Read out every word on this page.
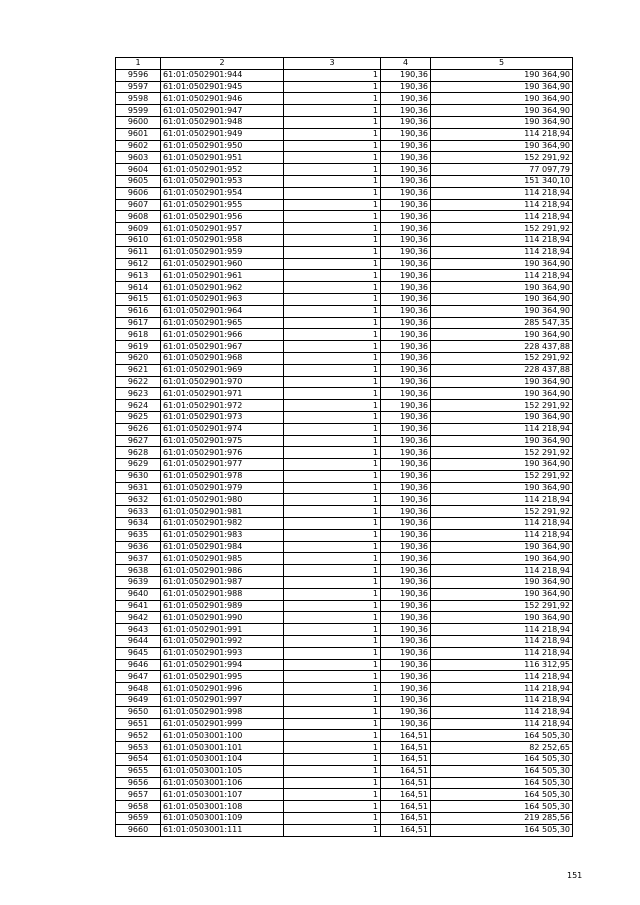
1	2	3	4	5
9596	61:01:0502901:944	1	190,36	190 364,90
9597	61:01:0502901:945	1	190,36	190 364,90
9598	61:01:0502901:946	1	190,36	190 364,90
9599	61:01:0502901:947	1	190,36	190 364,90
9600	61:01:0502901:948	1	190,36	190 364,90
9601	61:01:0502901:949	1	190,36	114 218,94
9602	61:01:0502901:950	1	190,36	190 364,90
9603	61:01:0502901:951	1	190,36	152 291,92
9604	61:01:0502901:952	1	190,36	77 097,79
9605	61:01:0502901:953	1	190,36	151 340,10
9606	61:01:0502901:954	1	190,36	114 218,94
9607	61:01:0502901:955	1	190,36	114 218,94
9608	61:01:0502901:956	1	190,36	114 218,94
9609	61:01:0502901:957	1	190,36	152 291,92
9610	61:01:0502901:958	1	190,36	114 218,94
9611	61:01:0502901:959	1	190,36	114 218,94
9612	61:01:0502901:960	1	190,36	190 364,90
9613	61:01:0502901:961	1	190,36	114 218,94
9614	61:01:0502901:962	1	190,36	190 364,90
9615	61:01:0502901:963	1	190,36	190 364,90
9616	61:01:0502901:964	1	190,36	190 364,90
9617	61:01:0502901:965	1	190,36	285 547,35
9618	61:01:0502901:966	1	190,36	190 364,90
9619	61:01:0502901:967	1	190,36	228 437,88
9620	61:01:0502901:968	1	190,36	152 291,92
9621	61:01:0502901:969	1	190,36	228 437,88
9622	61:01:0502901:970	1	190,36	190 364,90
9623	61:01:0502901:971	1	190,36	190 364,90
9624	61:01:0502901:972	1	190,36	152 291,92
9625	61:01:0502901:973	1	190,36	190 364,90
9626	61:01:0502901:974	1	190,36	114 218,94
9627	61:01:0502901:975	1	190,36	190 364,90
9628	61:01:0502901:976	1	190,36	152 291,92
9629	61:01:0502901:977	1	190,36	190 364,90
9630	61:01:0502901:978	1	190,36	152 291,92
9631	61:01:0502901:979	1	190,36	190 364,90
9632	61:01:0502901:980	1	190,36	114 218,94
9633	61:01:0502901:981	1	190,36	152 291,92
9634	61:01:0502901:982	1	190,36	114 218,94
9635	61:01:0502901:983	1	190,36	114 218,94
9636	61:01:0502901:984	1	190,36	190 364,90
9637	61:01:0502901:985	1	190,36	190 364,90
9638	61:01:0502901:986	1	190,36	114 218,94
9639	61:01:0502901:987	1	190,36	190 364,90
9640	61:01:0502901:988	1	190,36	190 364,90
9641	61:01:0502901:989	1	190,36	152 291,92
9642	61:01:0502901:990	1	190,36	190 364,90
9643	61:01:0502901:991	1	190,36	114 218,94
9644	61:01:0502901:992	1	190,36	114 218,94
9645	61:01:0502901:993	1	190,36	114 218,94
9646	61:01:0502901:994	1	190,36	116 312,95
9647	61:01:0502901:995	1	190,36	114 218,94
9648	61:01:0502901:996	1	190,36	114 218,94
9649	61:01:0502901:997	1	190,36	114 218,94
9650	61:01:0502901:998	1	190,36	114 218,94
9651	61:01:0502901:999	1	190,36	114 218,94
9652	61:01:0503001:100	1	164,51	164 505,30
9653	61:01:0503001:101	1	164,51	82 252,65
9654	61:01:0503001:104	1	164,51	164 505,30
9655	61:01:0503001:105	1	164,51	164 505,30
9656	61:01:0503001:106	1	164,51	164 505,30
9657	61:01:0503001:107	1	164,51	164 505,30
9658	61:01:0503001:108	1	164,51	164 505,30
9659	61:01:0503001:109	1	164,51	219 285,56
9660	61:01:0503001:111	1	164,51	164 505,30
151
